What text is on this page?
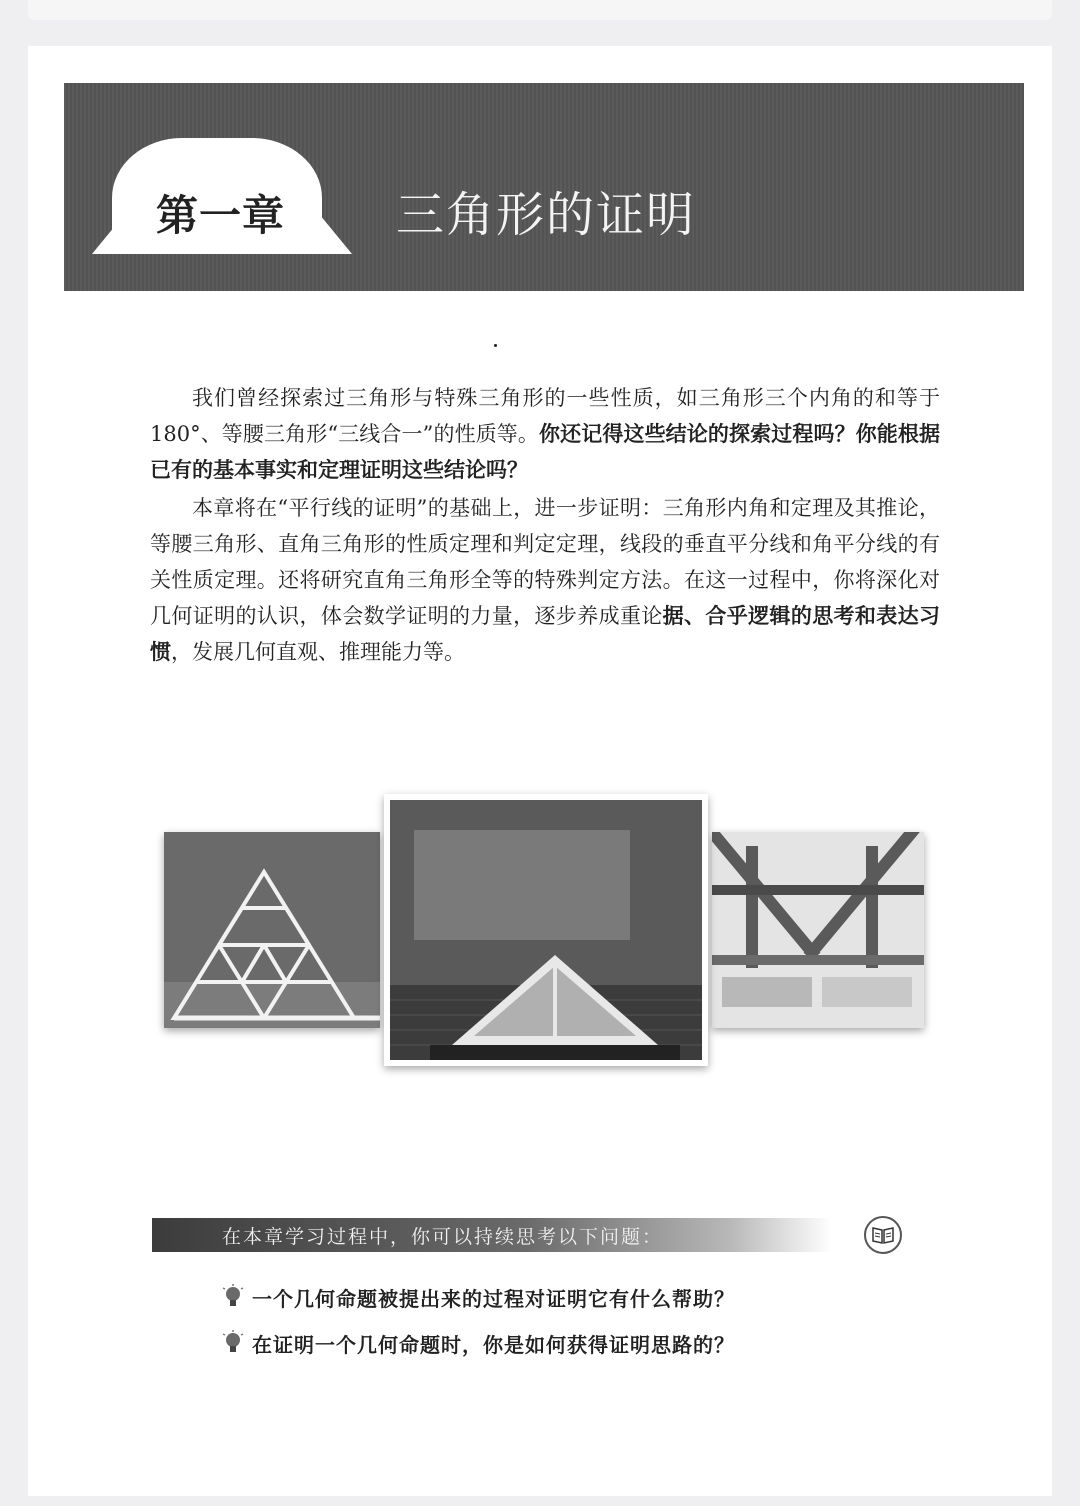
第一章	三角形的证明

我们曾经探索过三角形与特殊三角形的一些性质，如三角形三个内角的和等于 180°、等腰三角形“三线合一”的性质等。你还记得这些结论的探索过程吗？你能根据已有的基本事实和定理证明这些结论吗？

本章将在“平行线的证明”的基础上，进一步证明：三角形内角和定理及其推论，等腰三角形、直角三角形的性质定理和判定定理，线段的垂直平分线和角平分线的有关性质定理。还将研究直角三角形全等的特殊判定方法。在这一过程中，你将深化对几何证明的认识，体会数学证明的力量，逐步养成重论据、合乎逻辑的思考和表达习惯，发展几何直观、推理能力等。

在本章学习过程中，你可以持续思考以下问题：
一个几何命题被提出来的过程对证明它有什么帮助？
在证明一个几何命题时，你是如何获得证明思路的？
